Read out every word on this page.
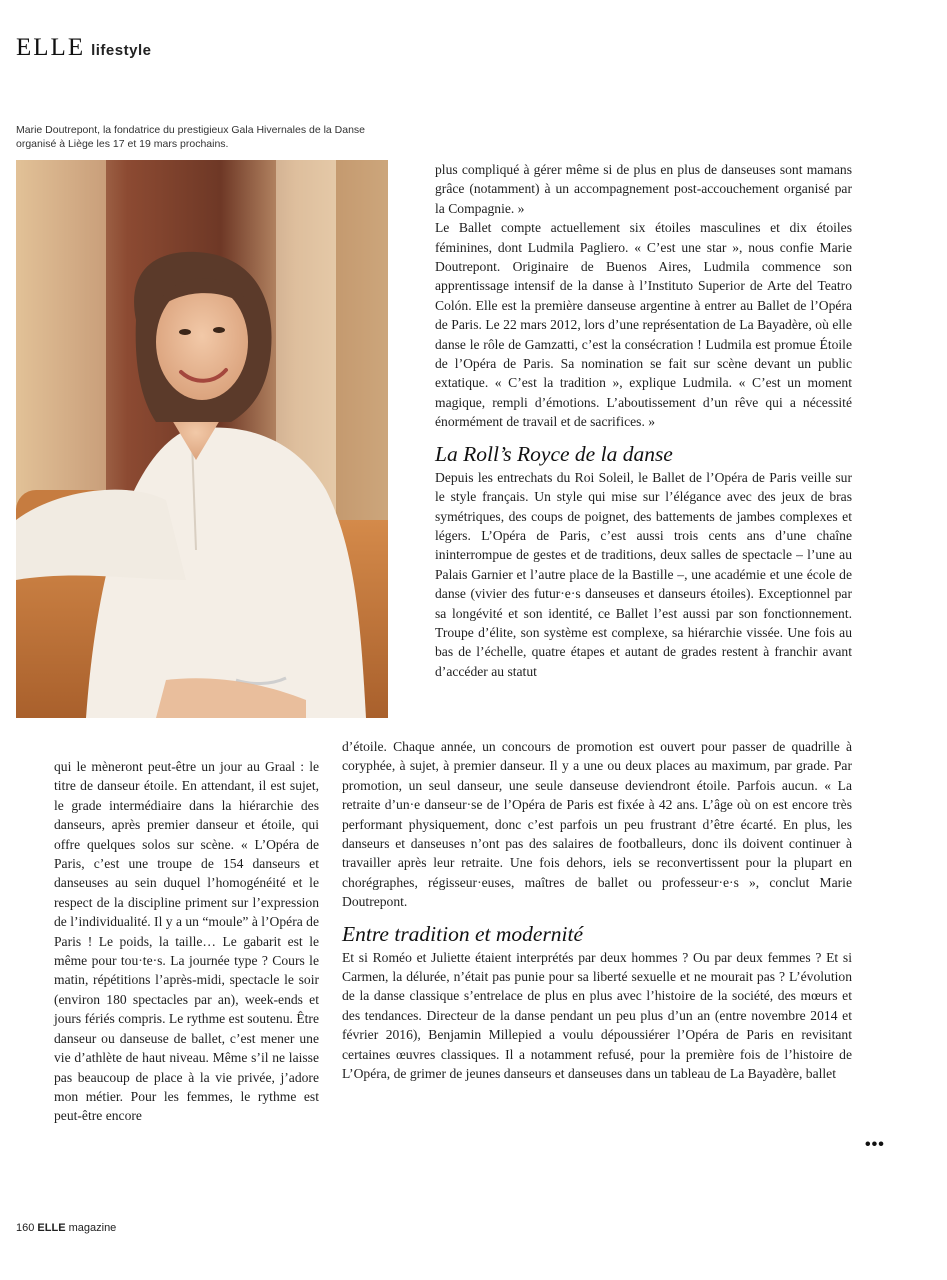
ELLE lifestyle
Marie Doutrepont, la fondatrice du prestigieux Gala Hivernales de la Danse organisé à Liège les 17 et 19 mars prochains.

plus compliqué à gérer même si de plus en plus de danseuses sont mamans grâce (notamment) à un accompagnement post-accouchement organisé par la Compagnie. »

Le Ballet compte actuellement six étoiles masculines et dix étoiles féminines, dont Ludmila Pagliero. « C’est une star », nous confie Marie Doutrepont. Originaire de Buenos Aires, Ludmila commence son apprentissage intensif de la danse à l’Instituto Superior de Arte del Teatro Colón. Elle est la première danseuse argentine à entrer au Ballet de l’Opéra de Paris. Le 22 mars 2012, lors d’une représentation de La Bayadère, où elle danse le rôle de Gamzatti, c’est la consécration ! Ludmila est promue Étoile de l’Opéra de Paris. Sa nomination se fait sur scène devant un public extatique. « C’est la tradition », explique Ludmila. « C’est un moment magique, rempli d’émotions. L’aboutissement d’un rêve qui a nécessité énormément de travail et de sacrifices. »

La Roll’s Royce de la danse

Depuis les entrechats du Roi Soleil, le Ballet de l’Opéra de Paris veille sur le style français. Un style qui mise sur l’élégance avec des jeux de bras symétriques, des coups de poignet, des battements de jambes complexes et légers. L’Opéra de Paris, c’est aussi trois cents ans d’une chaîne ininterrompue de gestes et de traditions, deux salles de spectacle – l’une au Palais Garnier et l’autre place de la Bastille –, une académie et une école de danse (vivier des futur·e·s danseuses et danseurs étoiles). Exceptionnel par sa longévité et son identité, ce Ballet l’est aussi par son fonctionnement. Troupe d’élite, son système est complexe, sa hiérarchie vissée. Une fois au bas de l’échelle, quatre étapes et autant de grades restent à franchir avant d’accéder au statut

qui le mèneront peut-être un jour au Graal : le titre de danseur étoile. En attendant, il est sujet, le grade intermédiaire dans la hiérarchie des danseurs, après premier danseur et étoile, qui offre quelques solos sur scène. « L’Opéra de Paris, c’est une troupe de 154 danseurs et danseuses au sein duquel l’homogénéité et le respect de la discipline priment sur l’expression de l’individualité. Il y a un “moule” à l’Opéra de Paris ! Le poids, la taille… Le gabarit est le même pour tou·te·s. La journée type ? Cours le matin, répétitions l’après-midi, spectacle le soir (environ 180 spectacles par an), week-ends et jours fériés compris. Le rythme est soutenu. Être danseur ou danseuse de ballet, c’est mener une vie d’athlète de haut niveau. Même s’il ne laisse pas beaucoup de place à la vie privée, j’adore mon métier. Pour les femmes, le rythme est peut-être encore

d’étoile. Chaque année, un concours de promotion est ouvert pour passer de quadrille à coryphée, à sujet, à premier danseur. Il y a une ou deux places au maximum, par grade. Par promotion, un seul danseur, une seule danseuse deviendront étoile. Parfois aucun. « La retraite d’un·e danseur·se de l’Opéra de Paris est fixée à 42 ans. L’âge où on est encore très performant physiquement, donc c’est parfois un peu frustrant d’être écarté. En plus, les danseurs et danseuses n’ont pas des salaires de footballeurs, donc ils doivent continuer à travailler après leur retraite. Une fois dehors, iels se reconvertissent pour la plupart en chorégraphes, régisseur·euses, maîtres de ballet ou professeur·e·s », conclut Marie Doutrepont.

Entre tradition et modernité

Et si Roméo et Juliette étaient interprétés par deux hommes ? Ou par deux femmes ? Et si Carmen, la délurée, n’était pas punie pour sa liberté sexuelle et ne mourait pas ? L’évolution de la danse classique s’entrelace de plus en plus avec l’histoire de la société, des mœurs et des tendances. Directeur de la danse pendant un peu plus d’un an (entre novembre 2014 et février 2016), Benjamin Millepied a voulu dépoussiérer l’Opéra de Paris en revisitant certaines œuvres classiques. Il a notamment refusé, pour la première fois de l’histoire de L’Opéra, de grimer de jeunes danseurs et danseuses dans un tableau de La Bayadère, ballet

•••
160 ELLE magazine
